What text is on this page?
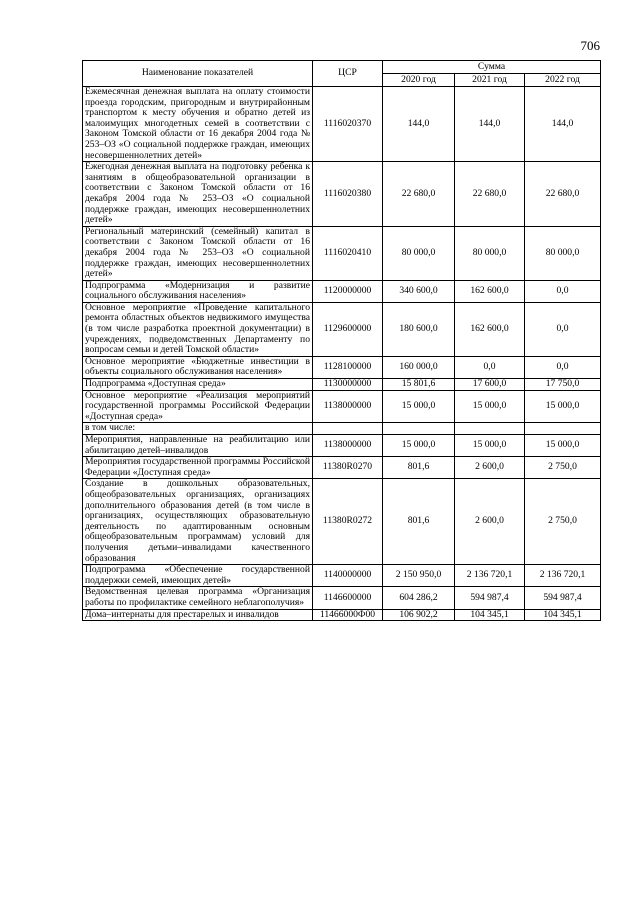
706
Наименование показателей	ЦСР	Сумма		
		2020 год	2021 год	2022 год
Ежемесячная денежная выплата на оплату стоимости проезда городским, пригородным и внутрирайонным транспортом к месту обучения и обратно детей из малоимущих многодетных семей в соответствии с Законом Томской области от 16 декабря 2004 года № 253–ОЗ «О социальной поддержке граждан, имеющих несовершеннолетних детей»	1116020370	144,0	144,0	144,0
Ежегодная денежная выплата на подготовку ребенка к занятиям в общеобразовательной организации в соответствии с Законом Томской области от 16 декабря 2004 года № 253–ОЗ «О социальной поддержке граждан, имеющих несовершеннолетних детей»	1116020380	22 680,0	22 680,0	22 680,0
Региональный материнский (семейный) капитал в соответствии с Законом Томской области от 16 декабря 2004 года № 253–ОЗ «О социальной поддержке граждан, имеющих несовершеннолетних детей»	1116020410	80 000,0	80 000,0	80 000,0
Подпрограмма «Модернизация и развитие социального обслуживания населения»	1120000000	340 600,0	162 600,0	0,0
Основное мероприятие «Проведение капитального ремонта областных объектов недвижимого имущества (в том числе разработка проектной документации) в учреждениях, подведомственных Департаменту по вопросам семьи и детей Томской области»	1129600000	180 600,0	162 600,0	0,0
Основное мероприятие «Бюджетные инвестиции в объекты социального обслуживания населения»	1128100000	160 000,0	0,0	0,0
Подпрограмма «Доступная среда»	1130000000	15 801,6	17 600,0	17 750,0
Основное мероприятие «Реализация мероприятий государственной программы Российской Федерации «Доступная среда»	1138000000	15 000,0	15 000,0	15 000,0
в том числе:				
Мероприятия, направленные на реабилитацию или абилитацию детей–инвалидов	1138000000	15 000,0	15 000,0	15 000,0
Мероприятия государственной программы Российской Федерации «Доступная среда»	11380R0270	801,6	2 600,0	2 750,0
Создание в дошкольных образовательных, общеобразовательных организациях, организациях дополнительного образования детей (в том числе в организациях, осуществляющих образовательную деятельность по адаптированным основным общеобразовательным программам) условий для получения детьми–инвалидами качественного образования	11380R0272	801,6	2 600,0	2 750,0
Подпрограмма «Обеспечение государственной поддержки семей, имеющих детей»	1140000000	2 150 950,0	2 136 720,1	2 136 720,1
Ведомственная целевая программа «Организация работы по профилактике семейного неблагополучия»	1146600000	604 286,2	594 987,4	594 987,4
Дома–интернаты для престарелых и инвалидов	11466000Ф00	106 902,2	104 345,1	104 345,1
